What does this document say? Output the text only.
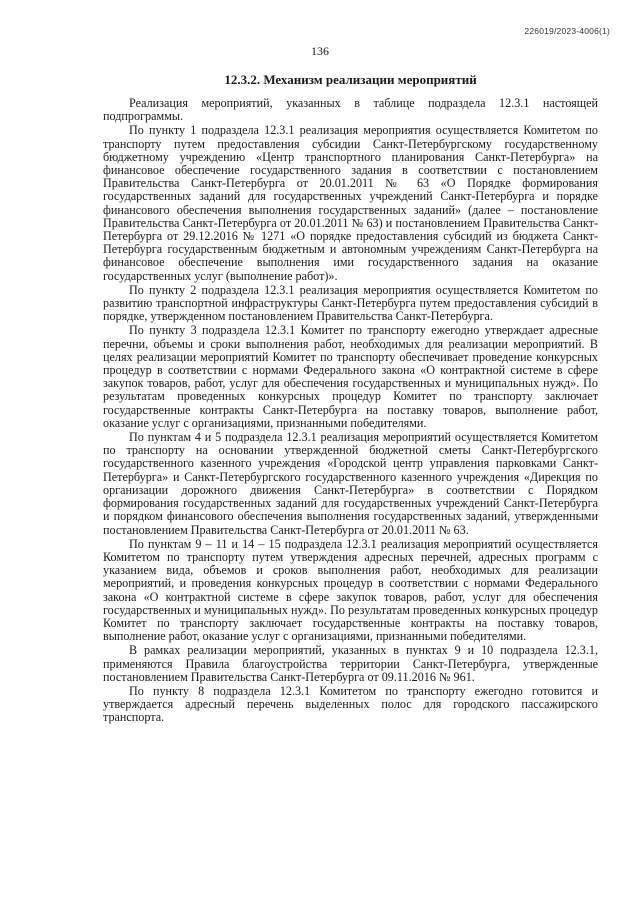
226019/2023-4006(1)
136
12.3.2. Механизм реализации мероприятий

Реализация мероприятий, указанных в таблице подраздела 12.3.1 настоящей подпрограммы.

По пункту 1 подраздела 12.3.1 реализация мероприятия осуществляется Комитетом по транспорту путем предоставления субсидии Санкт-Петербургскому государственному бюджетному учреждению «Центр транспортного планирования Санкт-Петербурга» на финансовое обеспечение государственного задания в соответствии с постановлением Правительства Санкт-Петербурга от 20.01.2011 № 63 «О Порядке формирования государственных заданий для государственных учреждений Санкт-Петербурга и порядке финансового обеспечения выполнения государственных заданий» (далее – постановление Правительства Санкт-Петербурга от 20.01.2011 № 63) и постановлением Правительства Санкт-Петербурга от 29.12.2016 № 1271 «О порядке предоставления субсидий из бюджета Санкт-Петербурга государственным бюджетным и автономным учреждениям Санкт-Петербурга на финансовое обеспечение выполнения ими государственного задания на оказание государственных услуг (выполнение работ)».

По пункту 2 подраздела 12.3.1 реализация мероприятия осуществляется Комитетом по развитию транспортной инфраструктуры Санкт-Петербурга путем предоставления субсидий в порядке, утвержденном постановлением Правительства Санкт-Петербурга.

По пункту 3 подраздела 12.3.1 Комитет по транспорту ежегодно утверждает адресные перечни, объемы и сроки выполнения работ, необходимых для реализации мероприятий. В целях реализации мероприятий Комитет по транспорту обеспечивает проведение конкурсных процедур в соответствии с нормами Федерального закона «О контрактной системе в сфере закупок товаров, работ, услуг для обеспечения государственных и муниципальных нужд». По результатам проведенных конкурсных процедур Комитет по транспорту заключает государственные контракты Санкт-Петербурга на поставку товаров, выполнение работ, оказание услуг с организациями, признанными победителями.

По пунктам 4 и 5 подраздела 12.3.1 реализация мероприятий осуществляется Комитетом по транспорту на основании утвержденной бюджетной сметы Санкт-Петербургского государственного казенного учреждения «Городской центр управления парковками Санкт-Петербурга» и Санкт-Петербургского государственного казенного учреждения «Дирекция по организации дорожного движения Санкт-Петербурга» в соответствии с Порядком формирования государственных заданий для государственных учреждений Санкт-Петербурга и порядком финансового обеспечения выполнения государственных заданий, утвержденными постановлением Правительства Санкт-Петербурга от 20.01.2011 № 63.

По пунктам 9 – 11 и 14 – 15 подраздела 12.3.1 реализация мероприятий осуществляется Комитетом по транспорту путем утверждения адресных перечней, адресных программ с указанием вида, объемов и сроков выполнения работ, необходимых для реализации мероприятий, и проведения конкурсных процедур в соответствии с нормами Федерального закона «О контрактной системе в сфере закупок товаров, работ, услуг для обеспечения государственных и муниципальных нужд». По результатам проведенных конкурсных процедур Комитет по транспорту заключает государственные контракты на поставку товаров, выполнение работ, оказание услуг с организациями, признанными победителями.

В рамках реализации мероприятий, указанных в пунктах 9 и 10 подраздела 12.3.1, применяются Правила благоустройства территории Санкт-Петербурга, утвержденные постановлением Правительства Санкт-Петербурга от 09.11.2016 № 961.

По пункту 8 подраздела 12.3.1 Комитетом по транспорту ежегодно готовится и утверждается адресный перечень выделенных полос для городского пассажирского транспорта.
